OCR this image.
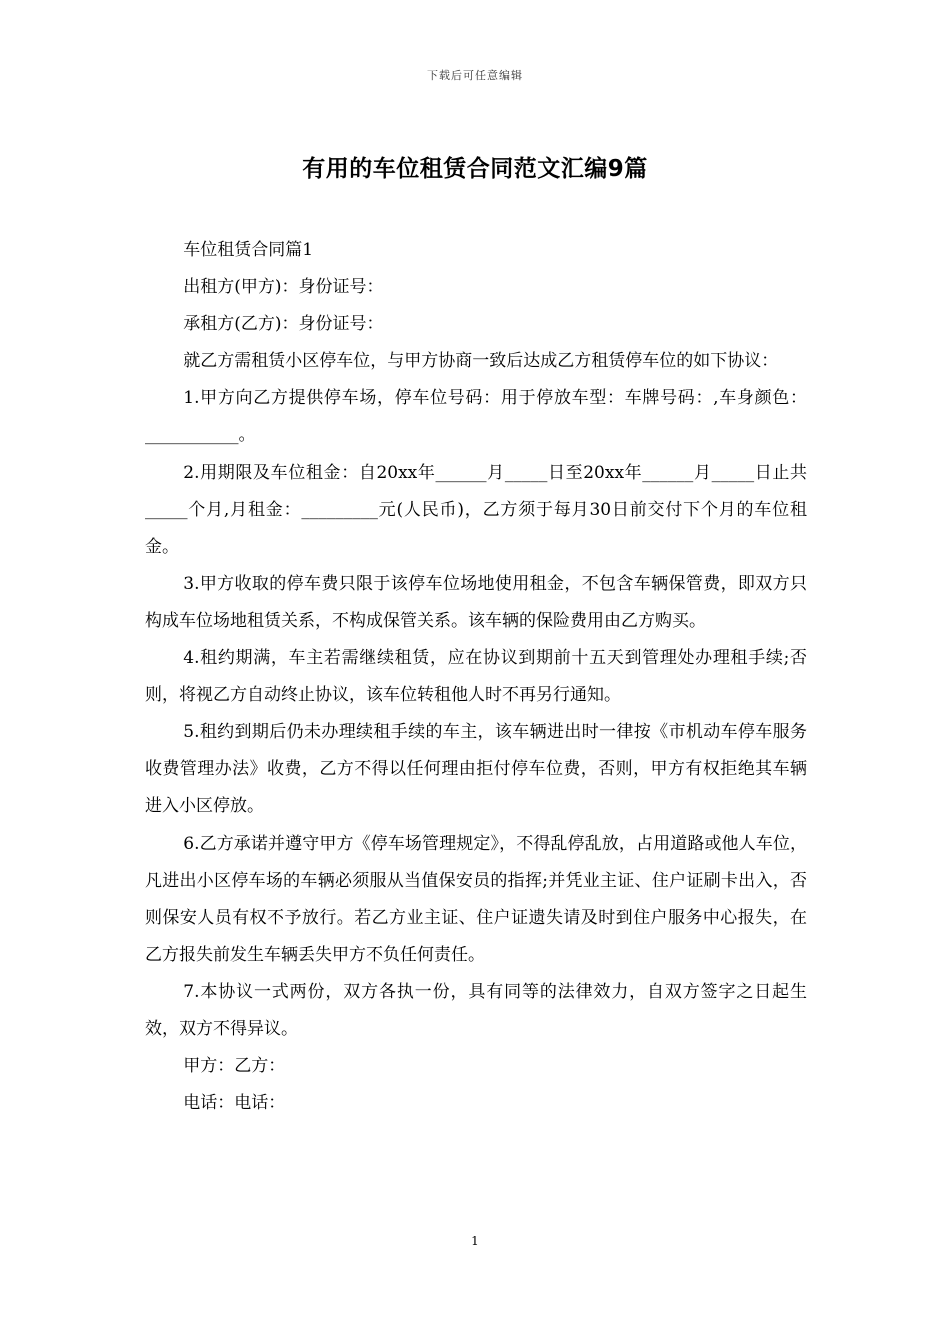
下载后可任意编辑
有用的车位租赁合同范文汇编9篇

车位租赁合同篇1

出租方(甲方)：身份证号：

承租方(乙方)：身份证号：

就乙方需租赁小区停车位，与甲方协商一致后达成乙方租赁停车位的如下协议：

1.甲方向乙方提供停车场，停车位号码：用于停放车型：车牌号码：,车身颜色：___________。

2.用期限及车位租金：自20xx年______月_____日至20xx年______月_____日止共_____个月,月租金：_________元(人民币)，乙方须于每月30日前交付下个月的车位租金。

3.甲方收取的停车费只限于该停车位场地使用租金，不包含车辆保管费，即双方只构成车位场地租赁关系，不构成保管关系。该车辆的保险费用由乙方购买。

4.租约期满，车主若需继续租赁，应在协议到期前十五天到管理处办理租手续;否则，将视乙方自动终止协议，该车位转租他人时不再另行通知。

5.租约到期后仍未办理续租手续的车主，该车辆进出时一律按《市机动车停车服务收费管理办法》收费，乙方不得以任何理由拒付停车位费，否则，甲方有权拒绝其车辆进入小区停放。

6.乙方承诺并遵守甲方《停车场管理规定》，不得乱停乱放，占用道路或他人车位，凡进出小区停车场的车辆必须服从当值保安员的指挥;并凭业主证、住户证刷卡出入，否则保安人员有权不予放行。若乙方业主证、住户证遗失请及时到住户服务中心报失，在乙方报失前发生车辆丢失甲方不负任何责任。

7.本协议一式两份，双方各执一份，具有同等的法律效力，自双方签字之日起生效，双方不得异议。

甲方：乙方：

电话：电话：

1
